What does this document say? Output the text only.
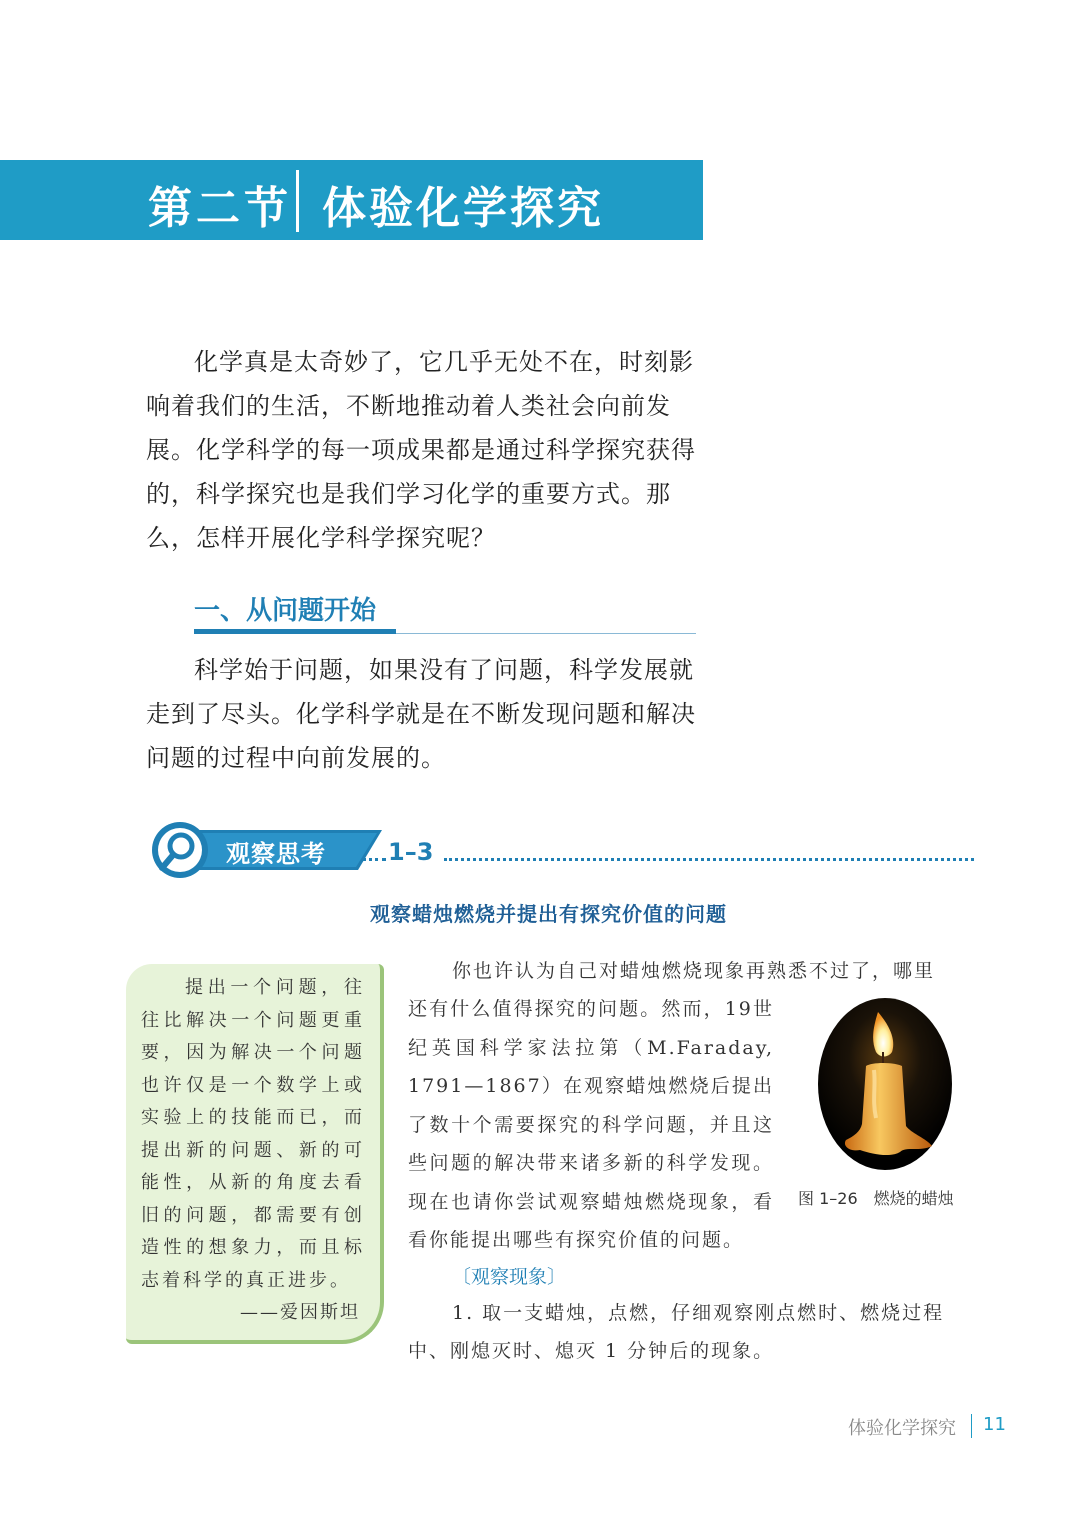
第二节 体验化学探究

化学真是太奇妙了，它几乎无处不在，时刻影响着我们的生活，不断地推动着人类社会向前发展。化学科学的每一项成果都是通过科学探究获得的，科学探究也是我们学习化学的重要方式。那么，怎样开展化学科学探究呢？

一、从问题开始

科学始于问题，如果没有了问题，科学发展就走到了尽头。化学科学就是在不断发现问题和解决问题的过程中向前发展的。

观察思考	1–3
观察蜡烛燃烧并提出有探究价值的问题

提出一个问题，往往比解决一个问题更重要，因为解决一个问题也许仅是一个数学上或实验上的技能而已，而提出新的问题、新的可能性，从新的角度去看旧的问题，都需要有创造性的想象力，而且标志着科学的真正进步。

——爱因斯坦

你也许认为自己对蜡烛燃烧现象再熟悉不过了，哪里

还有什么值得探究的问题。然而，19世纪英国科学家法拉第（M.Faraday, 1791—1867）在观察蜡烛燃烧后提出了数十个需要探究的科学问题，并且这些问题的解决带来诸多新的科学发现。现在也请你尝试观察蜡烛燃烧现象，看看你能提出哪些有探究价值的问题。

图 1–26　燃烧的蜡烛
〔观察现象〕

1. 取一支蜡烛，点燃，仔细观察刚点燃时、燃烧过程中、刚熄灭时、熄灭 1 分钟后的现象。

体验化学探究 11
